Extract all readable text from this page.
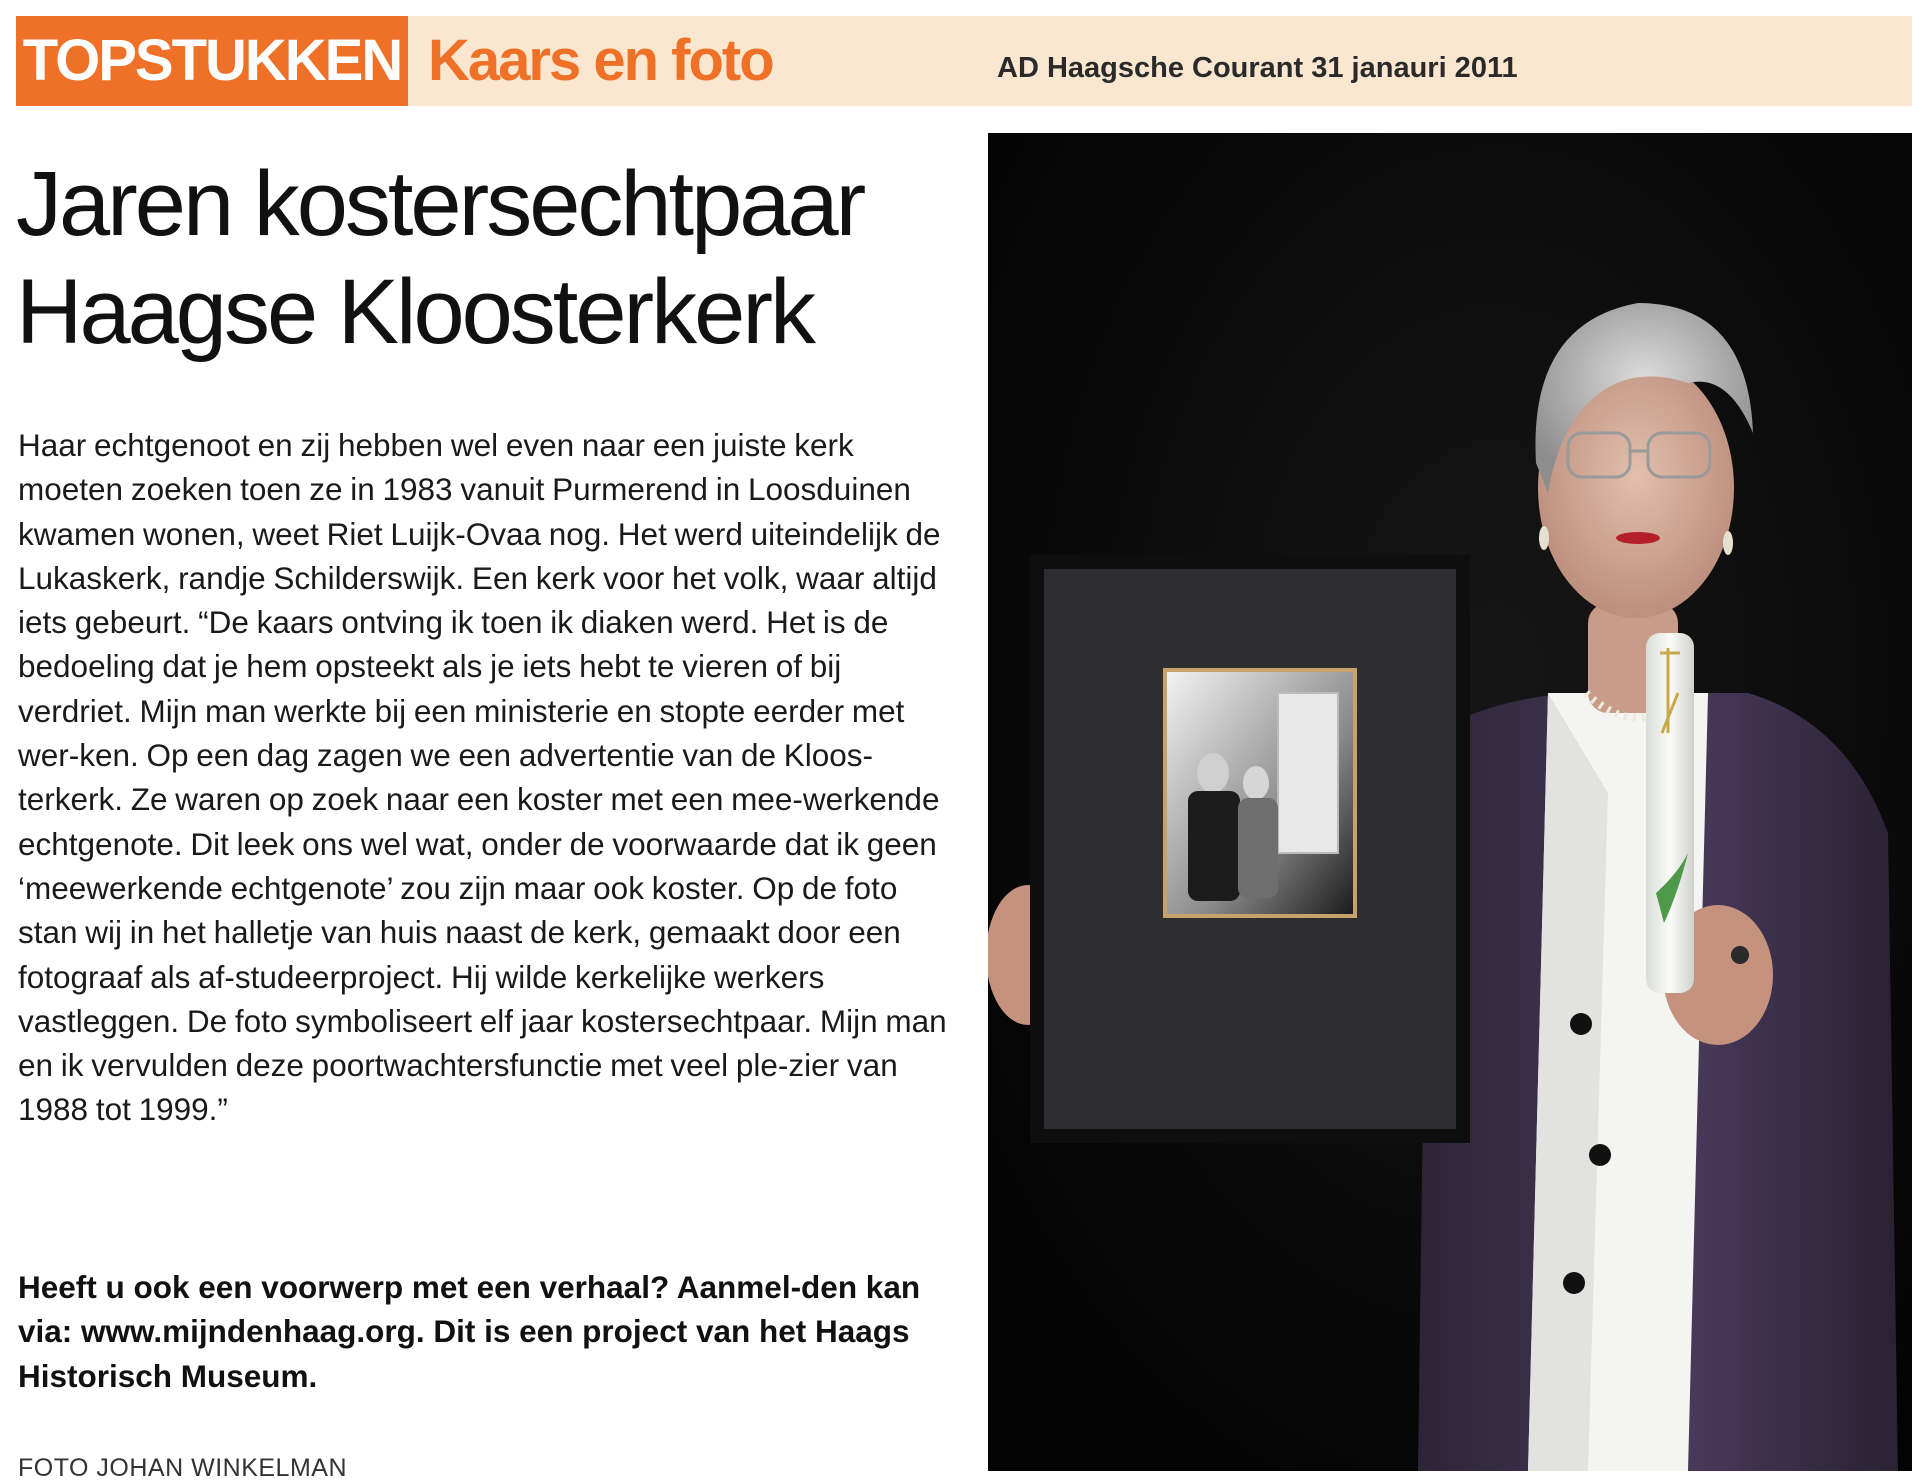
TOPSTUKKEN Kaars en foto	AD Haagsche Courant 31 janauri 2011
Jaren kostersechtpaar Haagse Kloosterkerk

Haar echtgenoot en zij hebben wel even naar een juiste kerk moeten zoeken toen ze in 1983 vanuit Purmerend in Loosduinen kwamen wonen, weet Riet Luijk-Ovaa nog. Het werd uiteindelijk de Lukaskerk, randje Schilderswijk. Een kerk voor het volk, waar altijd iets gebeurt. “De kaars ontving ik toen ik diaken werd. Het is de bedoeling dat je hem opsteekt als je iets hebt te vieren of bij verdriet. Mijn man werkte bij een ministerie en stopte eerder met wer-ken. Op een dag zagen we een advertentie van de Kloos-terkerk. Ze waren op zoek naar een koster met een mee-werkende echtgenote. Dit leek ons wel wat, onder de voorwaarde dat ik geen ‘meewerkende echtgenote’ zou zijn maar ook koster. Op de foto stan wij in het halletje van huis naast de kerk, gemaakt door een fotograaf als af-studeerproject. Hij wilde kerkelijke werkers vastleggen. De foto symboliseert elf jaar kostersechtpaar. Mijn man en ik vervulden deze poortwachtersfunctie met veel ple-zier van 1988 tot 1999.”

Heeft u ook een voorwerp met een verhaal? Aanmel-den kan via: www.mijndenhaag.org. Dit is een project van het Haags Historisch Museum.

FOTO JOHAN WINKELMAN
